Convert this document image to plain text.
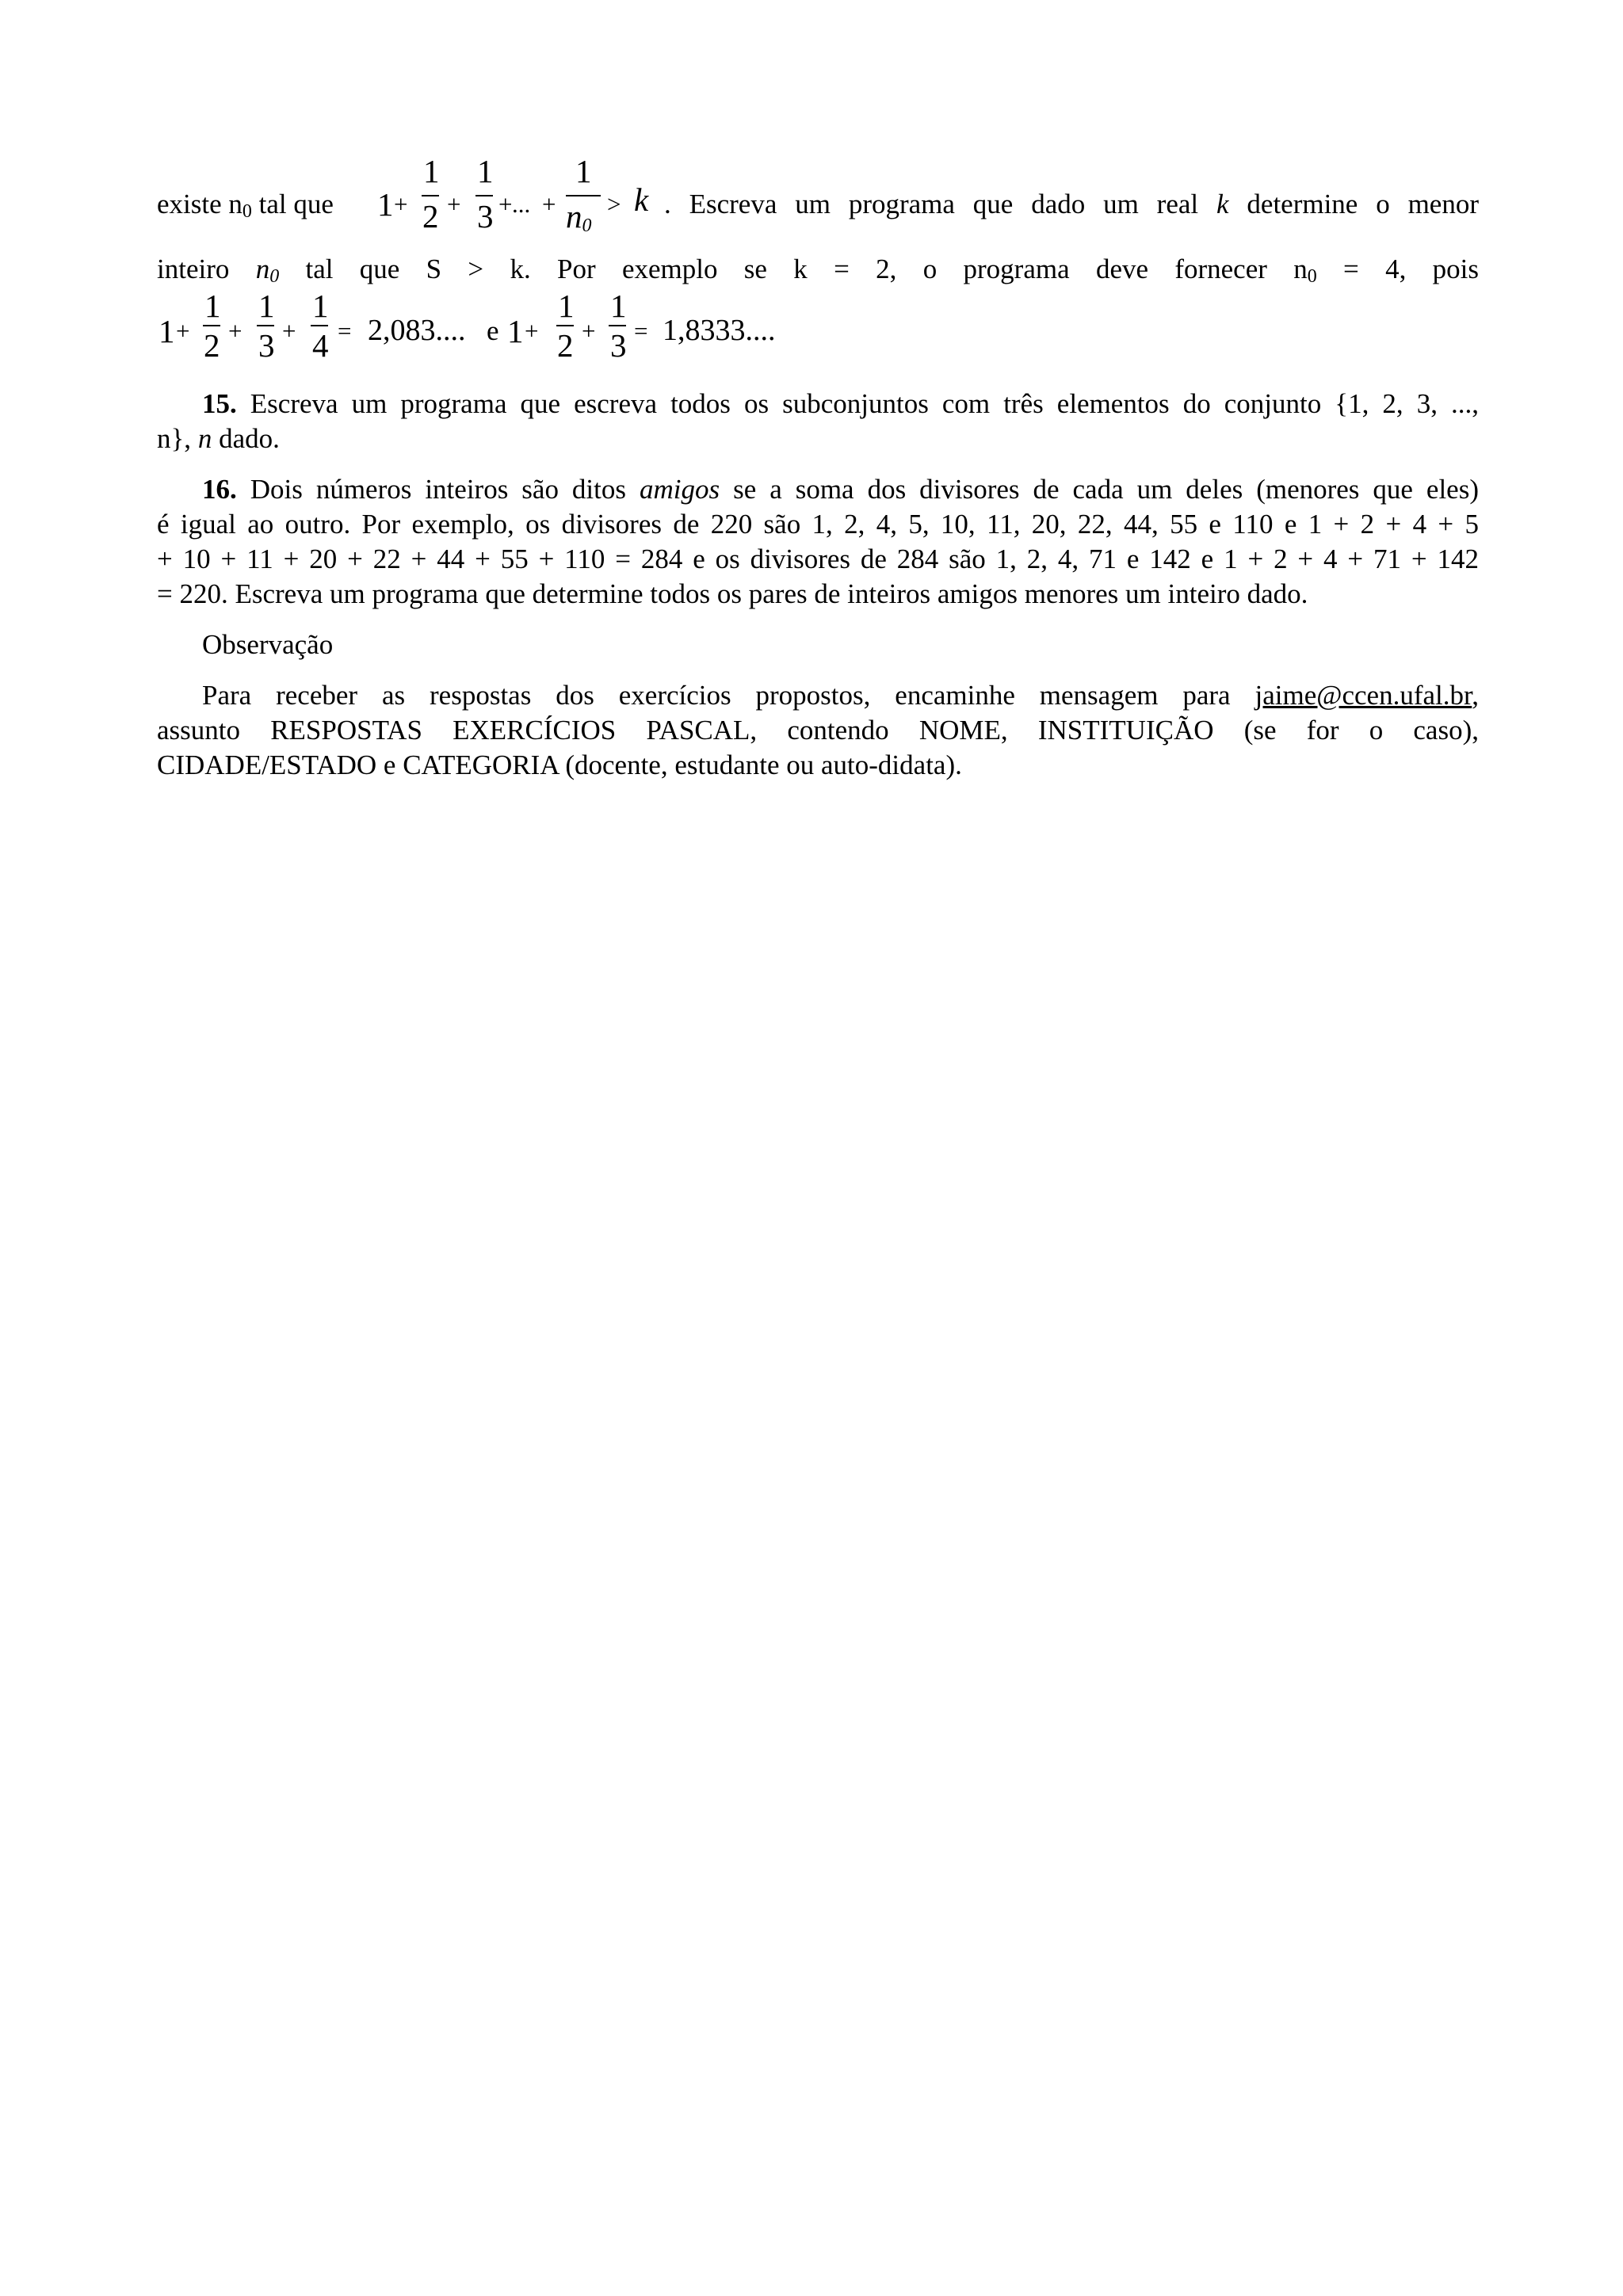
existe $n_0$ tal que 1 +
1
2 +
1
3 + ... +
1
$n_0$
> k . Escreva um programa que dado um real k determine o menor
inteiro $n_0$ tal que S > k. Por exemplo se k = 2, o programa deve fornecer $n_0 = 4$, pois
1 +
1
2 +
1
3 +
1
4 = 2,083.... e 1 +
1
2 +
1
3 = 1,8333....
15. Escreva um programa que escreva todos os subconjuntos com três elementos do conjunto {1, 2, 3, ...,
n}, n dado.
16. Dois números inteiros são ditos amigos se a soma dos divisores de cada um deles (menores que eles)
é igual ao outro. Por exemplo, os divisores de 220 são 1, 2, 4, 5, 10, 11, 20, 22, 44, 55 e 110 e 1 + 2 + 4 + 5
+ 10 + 11 + 20 + 22 + 44 + 55 + 110 = 284 e os divisores de 284 são 1, 2, 4, 71 e 142 e 1 + 2 + 4 + 71 + 142
= 220. Escreva um programa que determine todos os pares de inteiros amigos menores um inteiro dado.
Observação
Para receber as respostas dos exercícios propostos, encaminhe mensagem para jaime@ccen.ufal.br,
assunto RESPOSTAS EXERCÍCIOS PASCAL, contendo NOME, INSTITUIÇÃO (se for o caso),
CIDADE/ESTADO e CATEGORIA (docente, estudante ou auto-didata).
